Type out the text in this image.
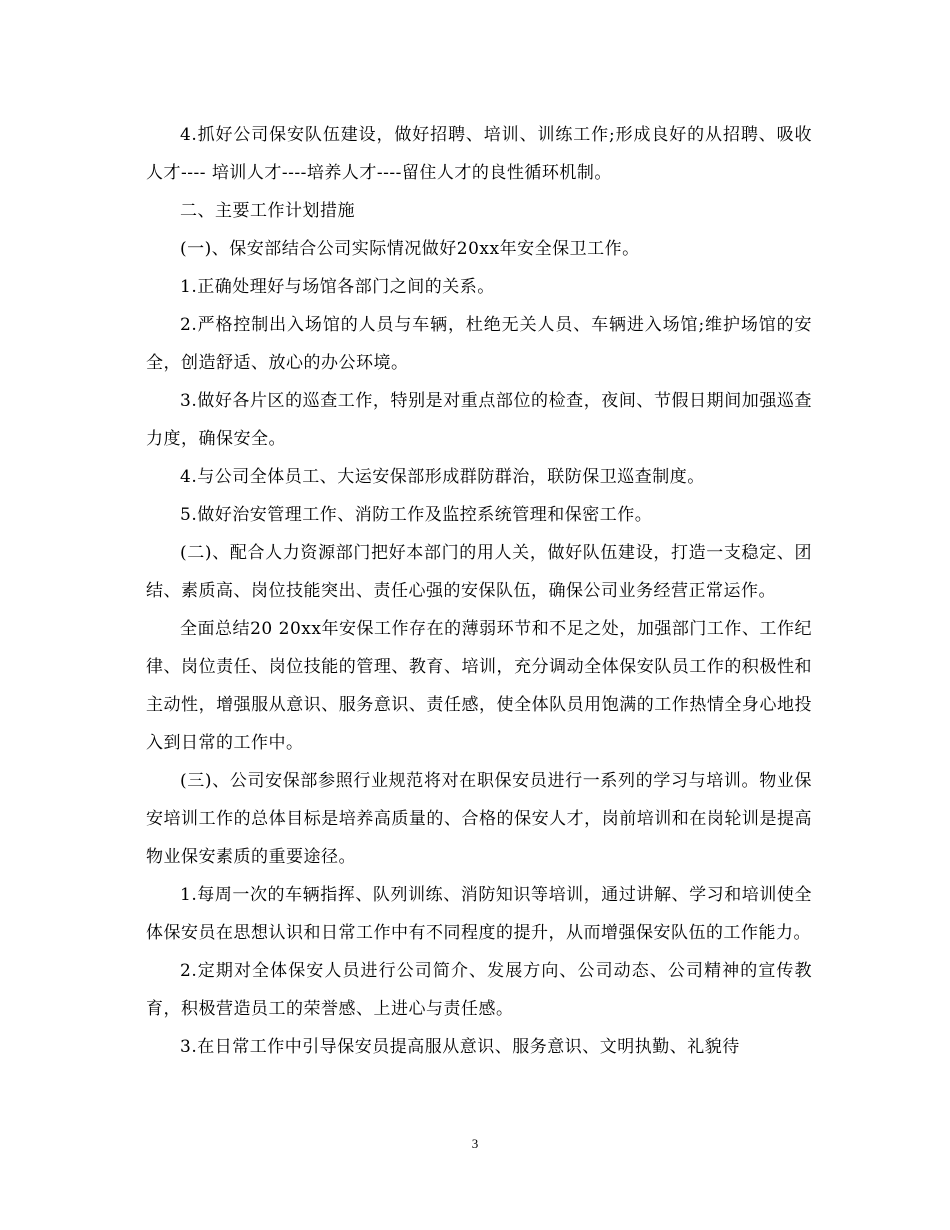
4.抓好公司保安队伍建设，做好招聘、培训、训练工作;形成良好的从招聘、吸收人才---- 培训人才----培养人才----留住人才的良性循环机制。

二、主要工作计划措施

(一)、保安部结合公司实际情况做好20xx年安全保卫工作。

1.正确处理好与场馆各部门之间的关系。

2.严格控制出入场馆的人员与车辆，杜绝无关人员、车辆进入场馆;维护场馆的安全，创造舒适、放心的办公环境。

3.做好各片区的巡查工作，特别是对重点部位的检查，夜间、节假日期间加强巡查力度，确保安全。

4.与公司全体员工、大运安保部形成群防群治，联防保卫巡查制度。

5.做好治安管理工作、消防工作及监控系统管理和保密工作。

(二)、配合人力资源部门把好本部门的用人关，做好队伍建设，打造一支稳定、团结、素质高、岗位技能突出、责任心强的安保队伍，确保公司业务经营正常运作。

全面总结20 20xx年安保工作存在的薄弱环节和不足之处，加强部门工作、工作纪律、岗位责任、岗位技能的管理、教育、培训，充分调动全体保安队员工作的积极性和主动性，增强服从意识、服务意识、责任感，使全体队员用饱满的工作热情全身心地投入到日常的工作中。

(三)、公司安保部参照行业规范将对在职保安员进行一系列的学习与培训。物业保安培训工作的总体目标是培养高质量的、合格的保安人才，岗前培训和在岗轮训是提高物业保安素质的重要途径。

1.每周一次的车辆指挥、队列训练、消防知识等培训，通过讲解、学习和培训使全体保安员在思想认识和日常工作中有不同程度的提升，从而增强保安队伍的工作能力。

2.定期对全体保安人员进行公司简介、发展方向、公司动态、公司精神的宣传教育，积极营造员工的荣誉感、上进心与责任感。

3.在日常工作中引导保安员提高服从意识、服务意识、文明执勤、礼貌待

3
